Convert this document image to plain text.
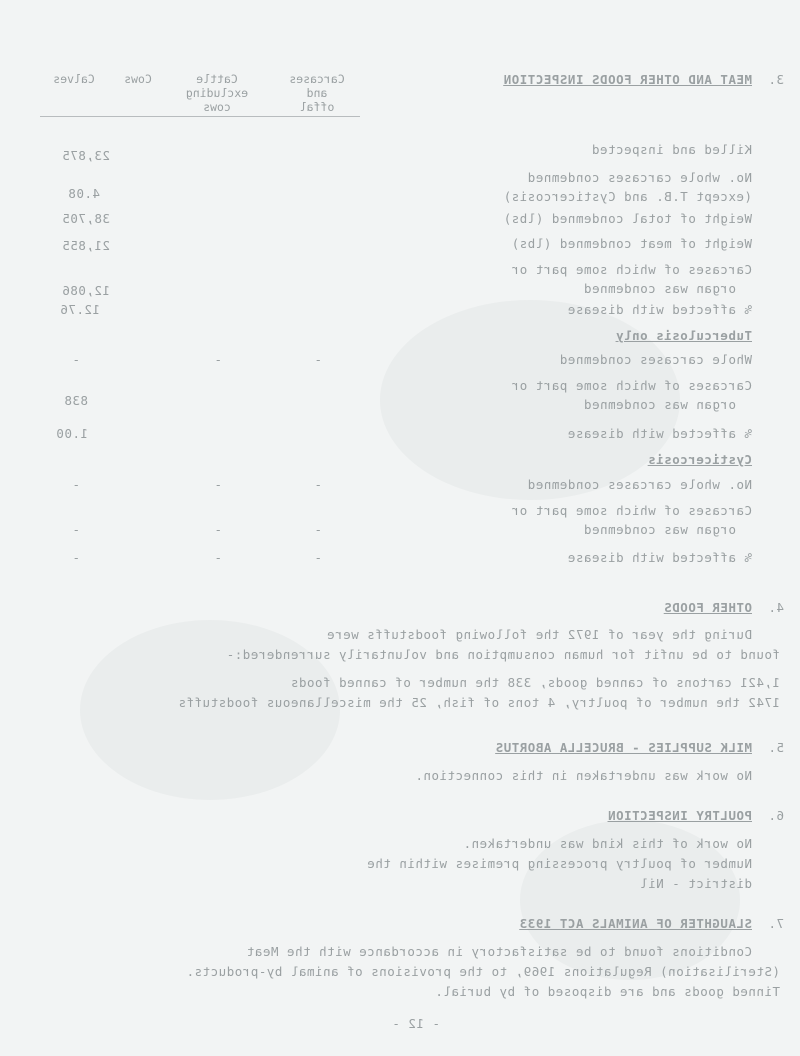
3.
MEAT AND OTHER FOODS INSPECTION
Carcases
and
offal
Cattle
excluding
cows
Cows
Calves
Killed and inspected
23,875
No. whole carcases condemned
4.08	(except T.B. and Cysticercosis)
Weight of total condemned (lbs)
38,705
Weight of meat condemned (lbs)
21,855
Carcases of which some part or
organ was condemned
12,086
% affected with disease
12.76
Tuberculosis only
Whole carcases condemned
-
-
-
Carcases of which some part or
organ was condemned
838
% affected with disease
1.00
Cysticercosis
No. whole carcases condemned
-
-
-
Carcases of which some part or
organ was condemned
-
-
-
% affected with disease
-
-
-
4.
OTHER FOODS
During the year of 1972 the following foodstuffs were
found to be unfit for human consumption and voluntarily surrendered:-
1,421 cartons of canned goods, 338 the number of canned foods
1742 the number of poultry, 4 tons of fish, 25 the miscellaneous foodstuffs
5.
MILK SUPPLIES - BRUCELLA ABORTUS
No work was undertaken in this connection.
6.
POULTRY INSPECTION
No work of this kind was undertaken.
Number of poultry processing premises within the
district - Nil
7.
SLAUGHTER OF ANIMALS ACT 1933
Conditions found to be satisfactory in accordance with the Meat
(Sterilisation) Regulations 1969, to the provisions of animal by-products.
Tinned goods and are disposed of by burial.
- 12 -
